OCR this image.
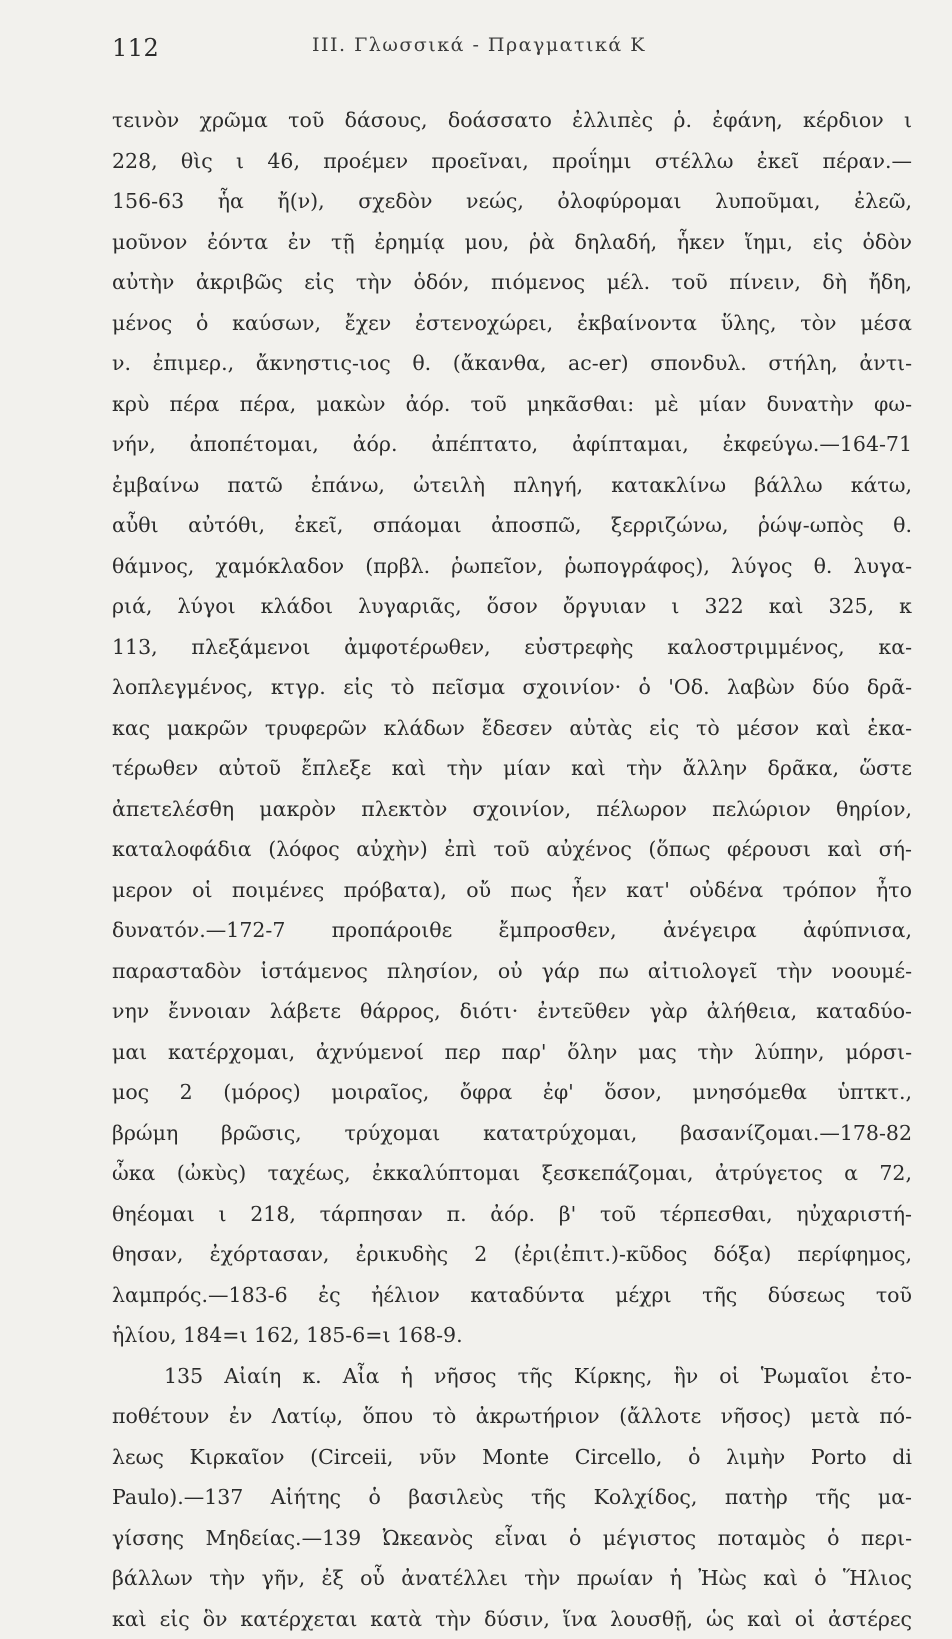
112	ΙΙΙ. Γλωσσικά - Πραγματικά Κ
τεινὸν χρῶμα τοῦ δάσους, δοάσσατο ἐλλιπὲς ῥ. ἐφάνη, κέρδιον ι
228, θὶς ι 46, προέμεν προεῖναι, προΐημι στέλλω ἐκεῖ πέραν.—
156-63 ἧα ἤ(ν), σχεδὸν νεώς, ὀλοφύρομαι λυποῦμαι, ἐλεῶ,
μοῦνον ἐόντα ἐν τῇ ἐρημίᾳ μου, ῥὰ δηλαδή, ἧκεν ἵημι, εἰς ὁδὸν
αὐτὴν ἀκριβῶς εἰς τὴν ὁδόν, πιόμενος μέλ. τοῦ πίνειν, δὴ ἤδη,
μένος ὁ καύσων, ἔχεν ἐστενοχώρει, ἐκβαίνοντα ὕλης, τὸν μέσα
ν. ἐπιμερ., ἄκνηστις-ιος θ. (ἄκανθα, ac-er) σπονδυλ. στήλη, ἀντι-
κρὺ πέρα πέρα, μακὼν ἀόρ. τοῦ μηκᾶσθαι: μὲ μίαν δυνατὴν φω-
νήν, ἀποπέτομαι, ἀόρ. ἀπέπτατο, ἀφίπταμαι, ἐκφεύγω.—164-71
ἐμβαίνω πατῶ ἐπάνω, ὠτειλὴ πληγή, κατακλίνω βάλλω κάτω,
αὖθι αὐτόθι, ἐκεῖ, σπάομαι ἀποσπῶ, ξερριζώνω, ῥώψ-ωπὸς θ.
θάμνος, χαμόκλαδον (πρβλ. ῥωπεῖον, ῥωπογράφος), λύγος θ. λυγα-
ριά, λύγοι κλάδοι λυγαριᾶς, ὅσον ὄργυιαν ι 322 καὶ 325, κ
113, πλεξάμενοι ἀμφοτέρωθεν, εὐστρεφὴς καλοστριμμένος, κα-
λοπλεγμένος, κτγρ. εἰς τὸ πεῖσμα σχοινίον· ὁ 'Οδ. λαβὼν δύο δρᾶ-
κας μακρῶν τρυφερῶν κλάδων ἔδεσεν αὐτὰς εἰς τὸ μέσον καὶ ἑκα-
τέρωθεν αὐτοῦ ἔπλεξε καὶ τὴν μίαν καὶ τὴν ἄλλην δρᾶκα, ὥστε
ἀπετελέσθη μακρὸν πλεκτὸν σχοινίον, πέλωρον πελώριον θηρίον,
καταλοφάδια (λόφος αὐχὴν) ἐπὶ τοῦ αὐχένος (ὅπως φέρουσι καὶ σή-
μερον οἱ ποιμένες πρόβατα), οὔ πως ἦεν κατ' οὐδένα τρόπον ἦτο
δυνατόν.—172-7 προπάροιθε ἔμπροσθεν, ἀνέγειρα ἀφύπνισα,
παρασταδὸν ἱστάμενος πλησίον, οὐ γάρ πω αἰτιολογεῖ τὴν νοουμέ-
νην ἔννοιαν λάβετε θάρρος, διότι· ἐντεῦθεν γὰρ ἀλήθεια, καταδύο-
μαι κατέρχομαι, ἀχνύμενοί περ παρ' ὅλην μας τὴν λύπην, μόρσι-
μος 2 (μόρος) μοιραῖος, ὄφρα ἐφ' ὅσον, μνησόμεθα ὑπτκτ.,
βρώμη βρῶσις, τρύχομαι κατατρύχομαι, βασανίζομαι.—178-82
ὦκα (ὠκὺς) ταχέως, ἐκκαλύπτομαι ξεσκεπάζομαι, ἀτρύγετος α 72,
θηέομαι ι 218, τάρπησαν π. ἀόρ. β' τοῦ τέρπεσθαι, ηὐχαριστή-
θησαν, ἐχόρτασαν, ἐρικυδὴς 2 (ἐρι(ἐπιτ.)-κῦδος δόξα) περίφημος,
λαμπρός.—183-6 ἐς ἠέλιον καταδύντα μέχρι τῆς δύσεως τοῦ
ἡλίου, 184=ι 162, 185-6=ι 168-9.
135 Αἰαίη κ. Αἶα ἡ νῆσος τῆς Κίρκης, ἣν οἱ Ῥωμαῖοι ἐτο-
ποθέτουν ἐν Λατίῳ, ὅπου τὸ ἀκρωτήριον (ἄλλοτε νῆσος) μετὰ πό-
λεως Κιρκαῖον (Circeii, νῦν Monte Circello, ὁ λιμὴν Porto di
Paulo).—137 Αἰήτης ὁ βασιλεὺς τῆς Κολχίδος, πατὴρ τῆς μα-
γίσσης Μηδείας.—139 Ὠκεανὸς εἶναι ὁ μέγιστος ποταμὸς ὁ περι-
βάλλων τὴν γῆν, ἐξ οὗ ἀνατέλλει τὴν πρωίαν ἡ Ἠὼς καὶ ὁ Ἥλιος
καὶ εἰς ὃν κατέρχεται κατὰ τὴν δύσιν, ἵνα λουσθῇ, ὡς καὶ οἱ ἀστέρες
